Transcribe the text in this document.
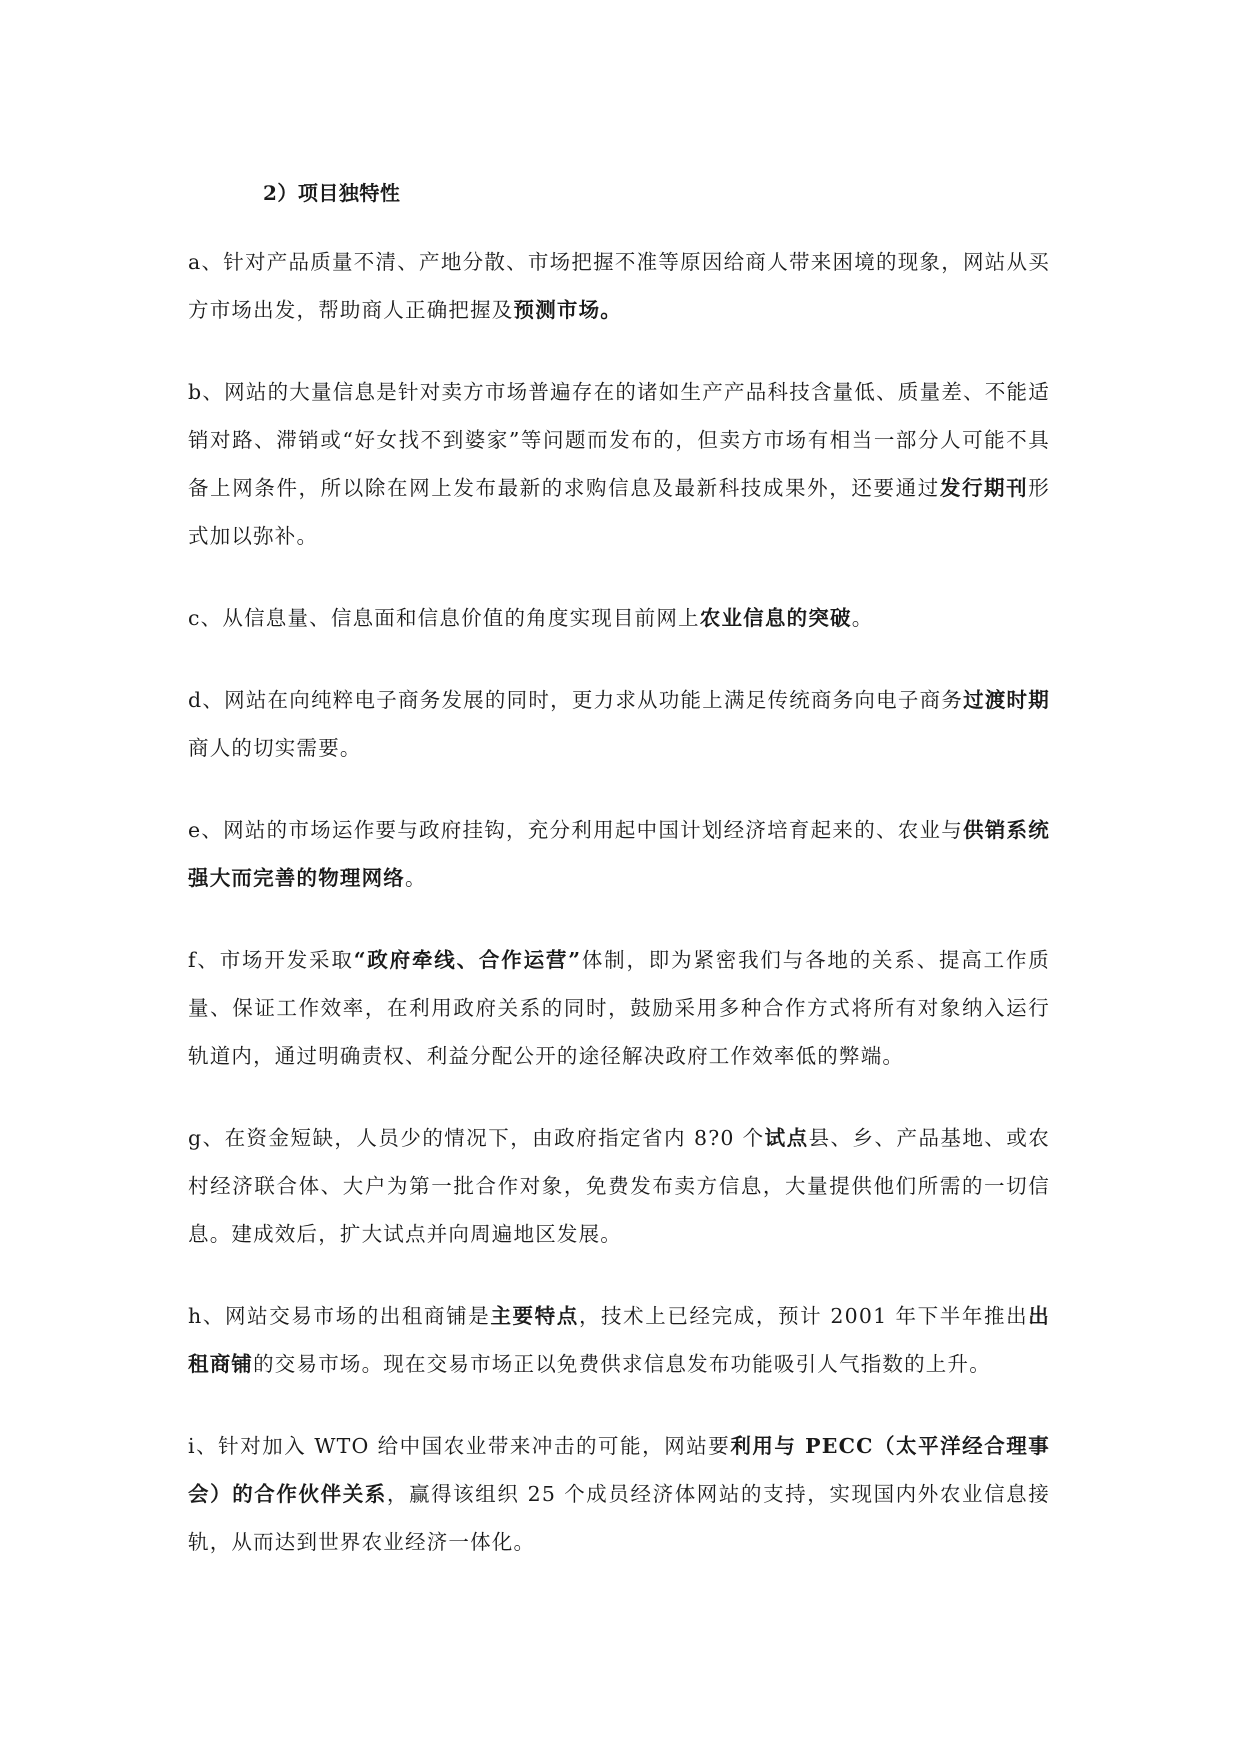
2）项目独特性

a、针对产品质量不清、产地分散、市场把握不准等原因给商人带来困境的现象，网站从买方市场出发，帮助商人正确把握及预测市场。

b、网站的大量信息是针对卖方市场普遍存在的诸如生产产品科技含量低、质量差、不能适销对路、滞销或“好女找不到婆家”等问题而发布的，但卖方市场有相当一部分人可能不具备上网条件，所以除在网上发布最新的求购信息及最新科技成果外，还要通过发行期刊形式加以弥补。

c、从信息量、信息面和信息价值的角度实现目前网上农业信息的突破。

d、网站在向纯粹电子商务发展的同时，更力求从功能上满足传统商务向电子商务过渡时期商人的切实需要。

e、网站的市场运作要与政府挂钩，充分利用起中国计划经济培育起来的、农业与供销系统强大而完善的物理网络。

f、市场开发采取“政府牵线、合作运营”体制，即为紧密我们与各地的关系、提高工作质量、保证工作效率，在利用政府关系的同时，鼓励采用多种合作方式将所有对象纳入运行轨道内，通过明确责权、利益分配公开的途径解决政府工作效率低的弊端。

g、在资金短缺，人员少的情况下，由政府指定省内 8?0 个试点县、乡、产品基地、或农村经济联合体、大户为第一批合作对象，免费发布卖方信息，大量提供他们所需的一切信息。建成效后，扩大试点并向周遍地区发展。

h、网站交易市场的出租商铺是主要特点，技术上已经完成，预计 2001 年下半年推出出租商铺的交易市场。现在交易市场正以免费供求信息发布功能吸引人气指数的上升。

i、针对加入 WTO 给中国农业带来冲击的可能，网站要利用与 PECC（太平洋经合理事会）的合作伙伴关系，赢得该组织 25 个成员经济体网站的支持，实现国内外农业信息接轨，从而达到世界农业经济一体化。
